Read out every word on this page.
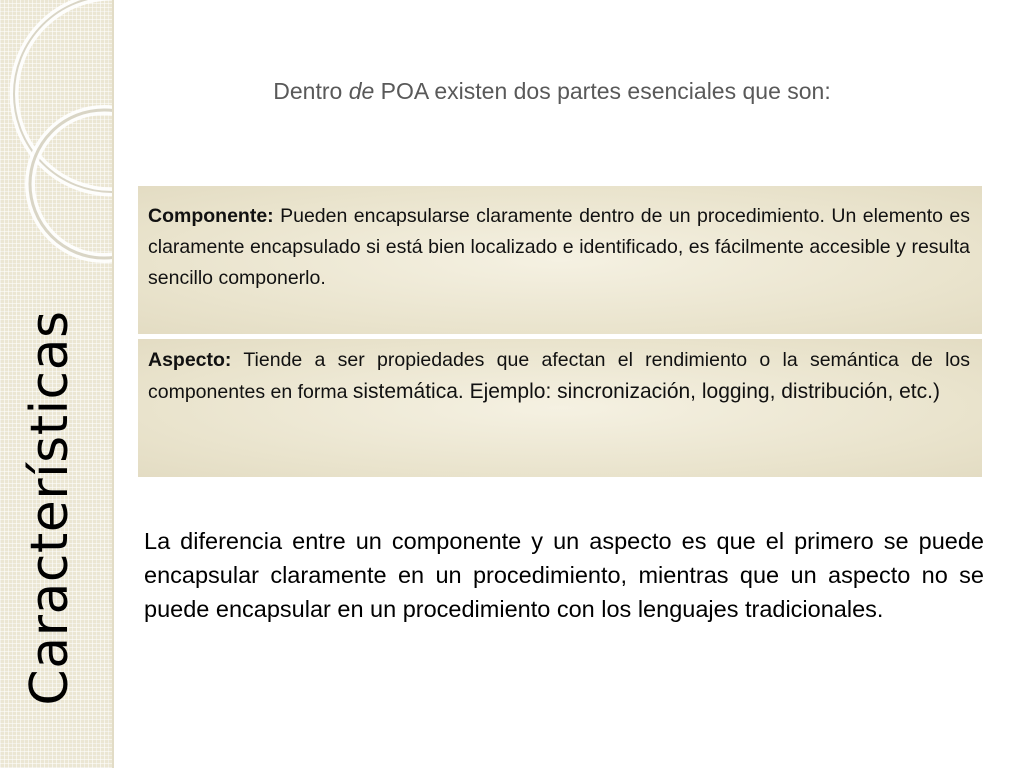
Características
Dentro de POA existen dos partes esenciales que son:
Componente: Pueden encapsularse claramente dentro de un procedimiento. Un elemento es claramente encapsulado si está bien localizado e identificado, es fácilmente accesible y resulta sencillo componerlo.
Aspecto: Tiende a ser propiedades que afectan el rendimiento o la semántica de los componentes en forma sistemática. Ejemplo: sincronización, logging, distribución, etc.)
La diferencia entre un componente y un aspecto es que el primero se puede encapsular claramente en un procedimiento, mientras que un aspecto no se puede encapsular en un procedimiento con los lenguajes tradicionales.
